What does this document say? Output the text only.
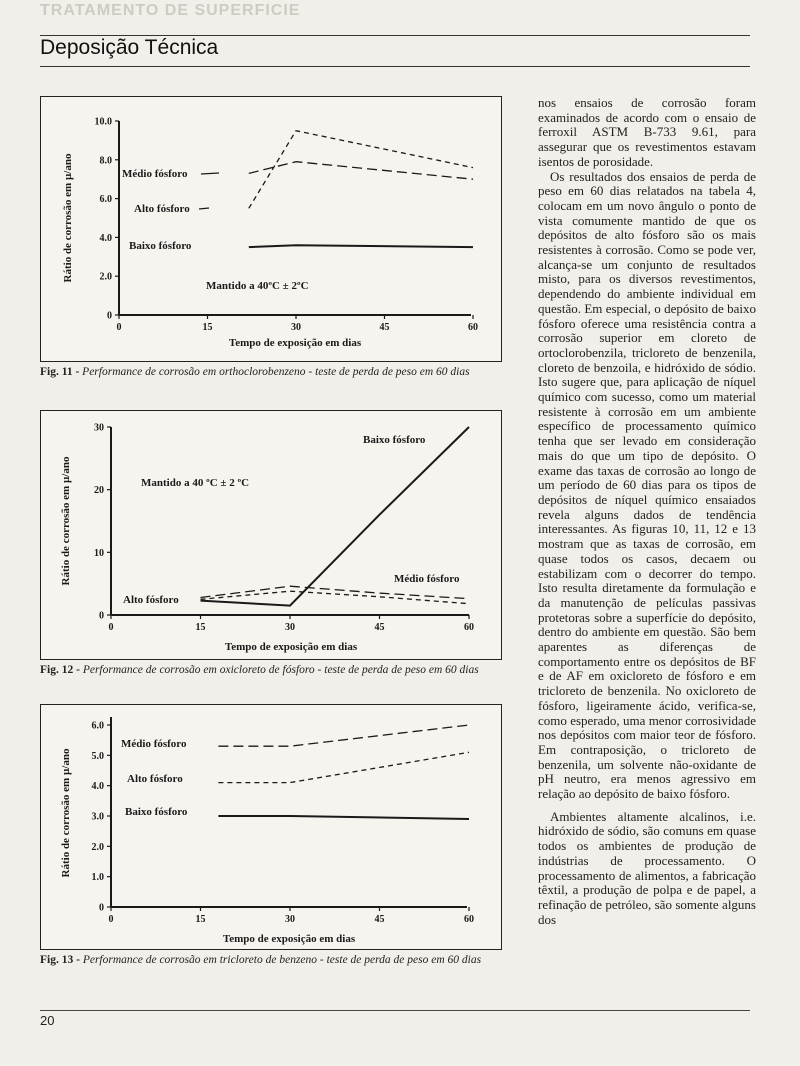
TRATAMENTO DE SUPERFICIE
Deposição Técnica
0
2.0
4.0
6.0
8.0
10.0
0	15	30	45	60
Rátio de corrosão em µ/ano
Tempo de exposição em dias
Médio fósforo
Alto fósforo
Baixo fósforo
Mantido a 40ºC ± 2ºC

Fig. 11 - Performance de corrosão em orthoclorobenzeno - teste de perda de peso em 60 dias

0
10
20
30
0	15	30	45	60
Rátio de corrosão em µ/ano
Tempo de exposição em dias
Baixo fósforo
Médio fósforo
Alto fósforo
Mantido a 40 ºC ± 2 ºC

Fig. 12 - Performance de corrosão em oxicloreto de fósforo - teste de perda de peso em 60 dias

0
1.0
2.0
3.0
4.0
5.0
6.0
0	15	30	45	60
Rátio de corrosão em µ/ano
Tempo de exposição em dias
Médio fósforo
Alto fósforo
Baixo fósforo

Fig. 13 - Performance de corrosão em tricloreto de benzeno - teste de perda de peso em 60 dias

nos ensaios de corrosão foram examinados de acordo com o ensaio de ferroxil ASTM B-733 9.61, para assegurar que os revestimentos estavam isentos de porosidade.

Os resultados dos ensaios de perda de peso em 60 dias relatados na tabela 4, colocam em um novo ângulo o ponto de vista comumente mantido de que os depósitos de alto fósforo são os mais resistentes à corrosão. Como se pode ver, alcança-se um conjunto de resultados misto, para os diversos revestimentos, dependendo do ambiente individual em questão. Em especial, o depósito de baixo fósforo oferece uma resistência contra a corrosão superior em cloreto de ortoclorobenzila, tricloreto de benzenila, cloreto de benzoila, e hidróxido de sódio. Isto sugere que, para aplicação de níquel químico com sucesso, como um material resistente à corrosão em um ambiente específico de processamento químico tenha que ser levado em consideração mais do que um tipo de depósito. O exame das taxas de corrosão ao longo de um período de 60 dias para os tipos de depósitos de níquel químico ensaiados revela alguns dados de tendência interessantes. As figuras 10, 11, 12 e 13 mostram que as taxas de corrosão, em quase todos os casos, decaem ou estabilizam com o decorrer do tempo. Isto resulta diretamente da formulação e da manutenção de películas passivas protetoras sobre a superfície do depósito, dentro do ambiente em questão. São bem aparentes as diferenças de comportamento entre os depósitos de BF e de AF em oxicloreto de fósforo e em tricloreto de benzenila. No oxicloreto de fósforo, ligeiramente ácido, verifica-se, como esperado, uma menor corrosividade nos depósitos com maior teor de fósforo. Em contraposição, o tricloreto de benzenila, um solvente não-oxidante de pH neutro, era menos agressivo em relação ao depósito de baixo fósforo.

Ambientes altamente alcalinos, i.e. hidróxido de sódio, são comuns em quase todos os ambientes de produção de indústrias de processamento. O processamento de alimentos, a fabricação têxtil, a produção de polpa e de papel, a refinação de petróleo, são somente alguns dos

20
